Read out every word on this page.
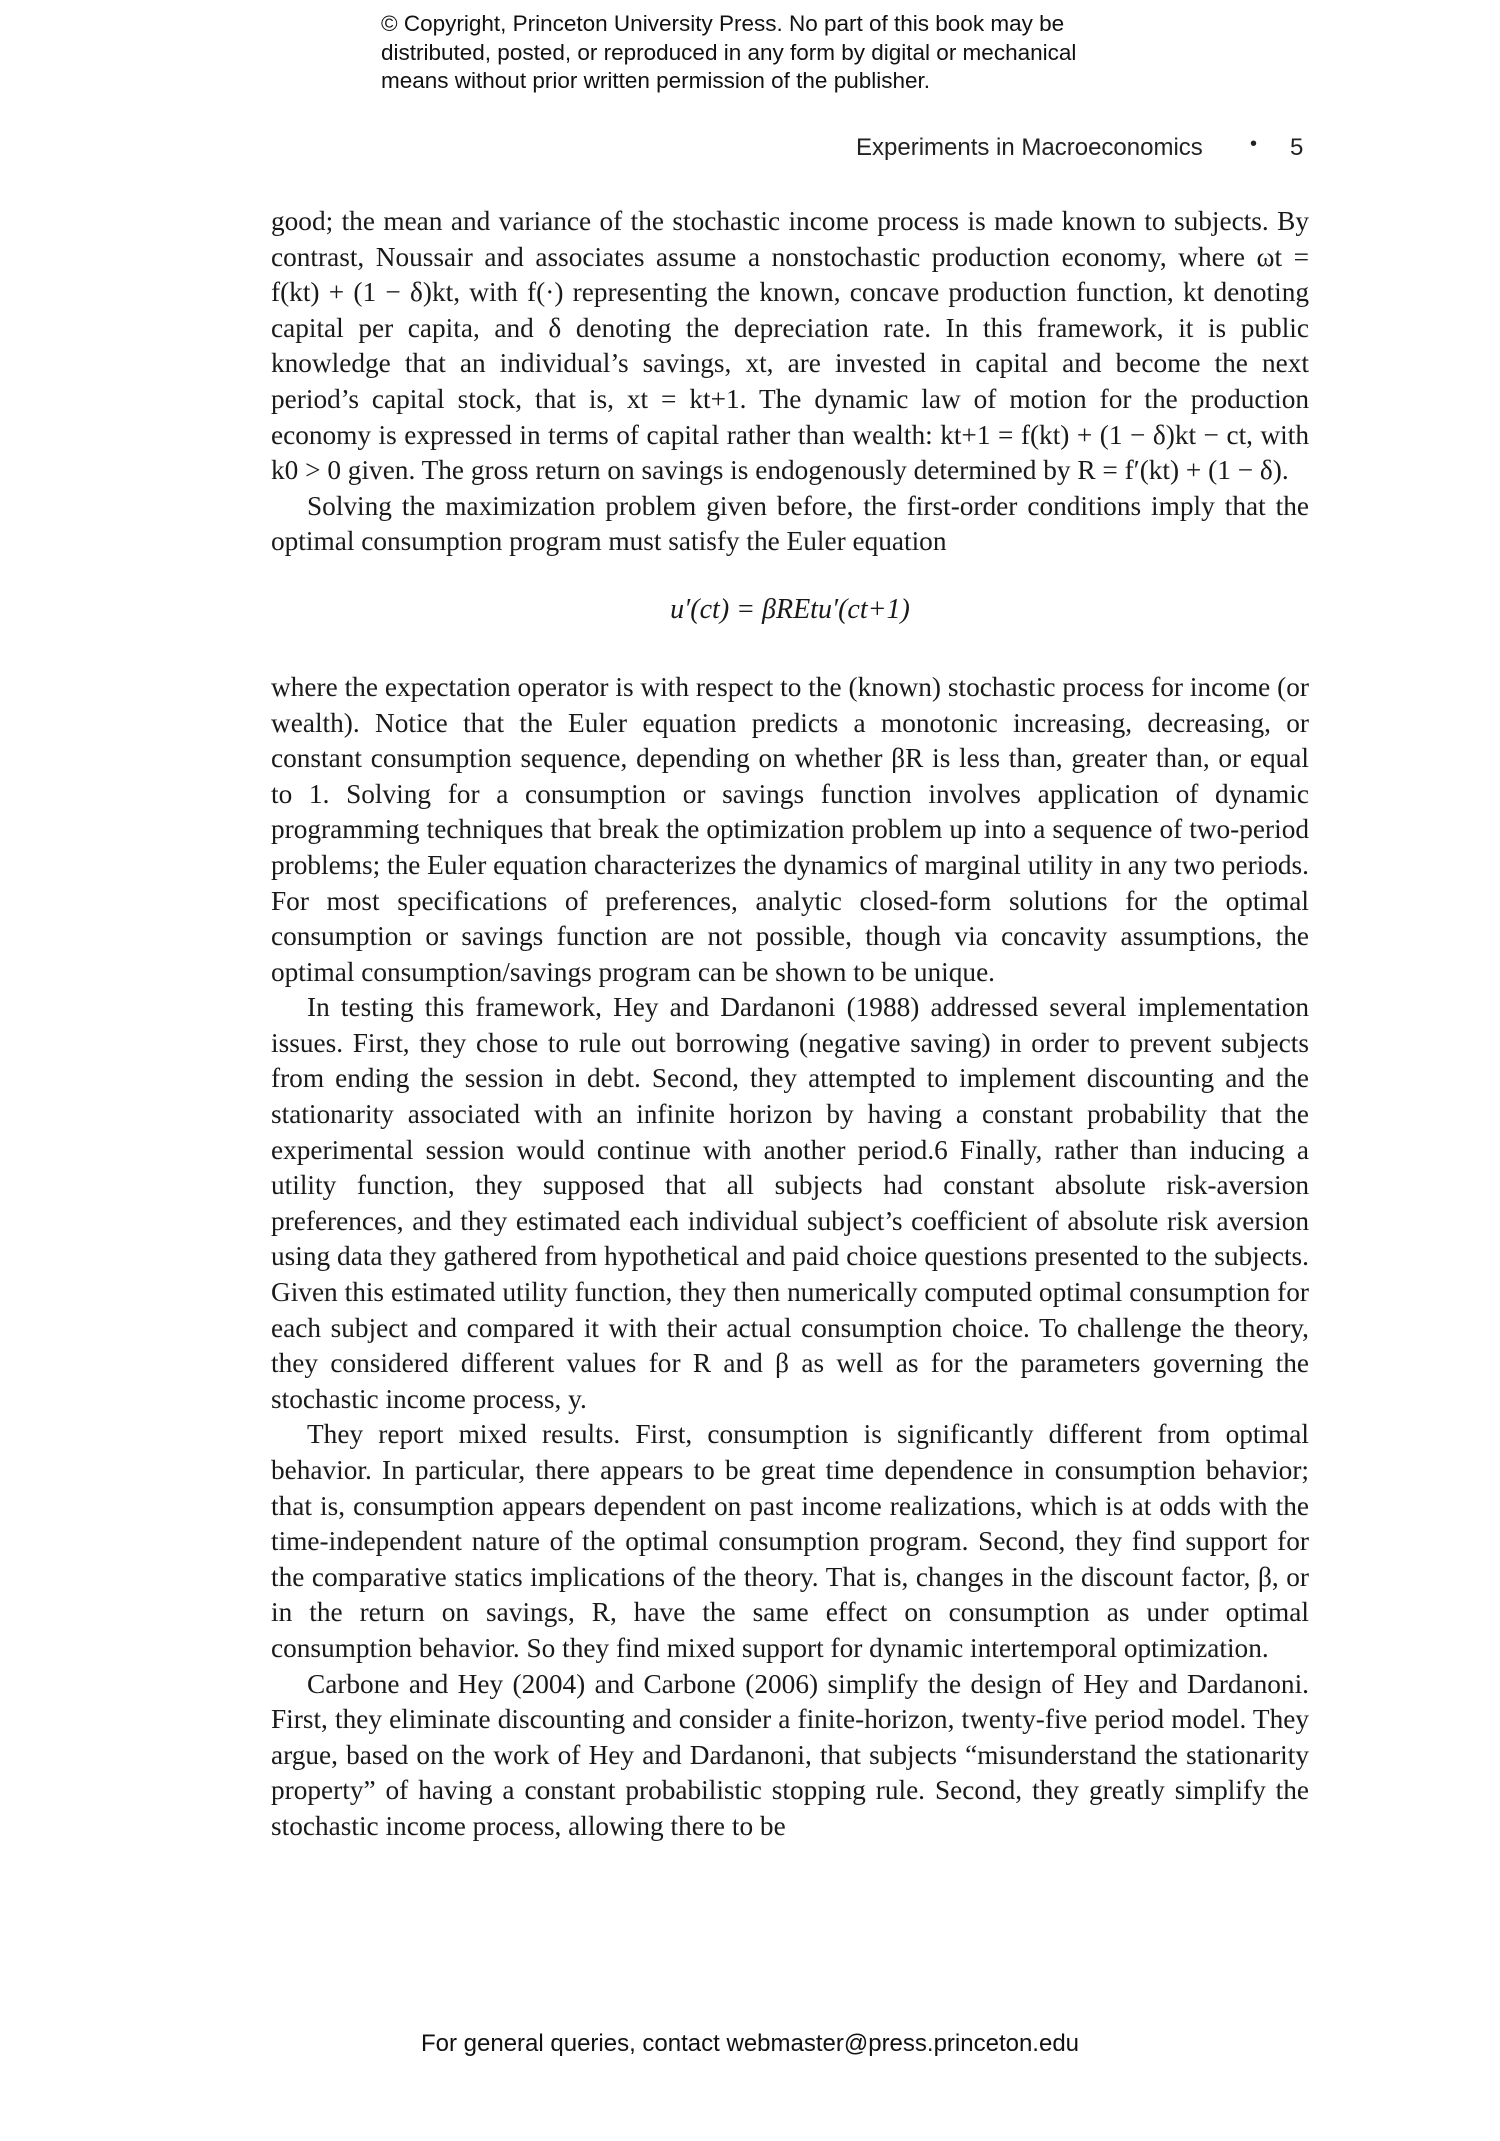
© Copyright, Princeton University Press. No part of this book may be
distributed, posted, or reproduced in any form by digital or mechanical
means without prior written permission of the publisher.
Experiments in Macroeconomics • 5

good; the mean and variance of the stochastic income process is made known to subjects. By contrast, Noussair and associates assume a nonstochastic production economy, where ωt = f(kt) + (1 − δ)kt, with f(·) representing the known, concave production function, kt denoting capital per capita, and δ denoting the depreciation rate. In this framework, it is public knowledge that an individual’s savings, xt, are invested in capital and become the next period’s capital stock, that is, xt = kt+1. The dynamic law of motion for the production economy is expressed in terms of capital rather than wealth: kt+1 = f(kt) + (1 − δ)kt − ct, with k0 > 0 given. The gross return on savings is endogenously determined by R = f′(kt) + (1 − δ).

Solving the maximization problem given before, the first-order conditions imply that the optimal consumption program must satisfy the Euler equation

u′(ct) = βREtu′(ct+1)

where the expectation operator is with respect to the (known) stochastic process for income (or wealth). Notice that the Euler equation predicts a monotonic increasing, decreasing, or constant consumption sequence, depending on whether βR is less than, greater than, or equal to 1. Solving for a consumption or savings function involves application of dynamic programming techniques that break the optimization problem up into a sequence of two-period problems; the Euler equation characterizes the dynamics of marginal utility in any two periods. For most specifications of preferences, analytic closed-form solutions for the optimal consumption or savings function are not possible, though via concavity assumptions, the optimal consumption/savings program can be shown to be unique.

In testing this framework, Hey and Dardanoni (1988) addressed several implementation issues. First, they chose to rule out borrowing (negative saving) in order to prevent subjects from ending the session in debt. Second, they attempted to implement discounting and the stationarity associated with an infinite horizon by having a constant probability that the experimental session would continue with another period.6 Finally, rather than inducing a utility function, they supposed that all subjects had constant absolute risk-aversion preferences, and they estimated each individual subject’s coefficient of absolute risk aversion using data they gathered from hypothetical and paid choice questions presented to the subjects. Given this estimated utility function, they then numerically computed optimal consumption for each subject and compared it with their actual consumption choice. To challenge the theory, they considered different values for R and β as well as for the parameters governing the stochastic income process, y.

They report mixed results. First, consumption is significantly different from optimal behavior. In particular, there appears to be great time dependence in consumption behavior; that is, consumption appears dependent on past income realizations, which is at odds with the time-independent nature of the optimal consumption program. Second, they find support for the comparative statics implications of the theory. That is, changes in the discount factor, β, or in the return on savings, R, have the same effect on consumption as under optimal consumption behavior. So they find mixed support for dynamic intertemporal optimization.

Carbone and Hey (2004) and Carbone (2006) simplify the design of Hey and Dardanoni. First, they eliminate discounting and consider a finite-horizon, twenty-five period model. They argue, based on the work of Hey and Dardanoni, that subjects “misunderstand the stationarity property” of having a constant probabilistic stopping rule. Second, they greatly simplify the stochastic income process, allowing there to be

For general queries, contact webmaster@press.princeton.edu
